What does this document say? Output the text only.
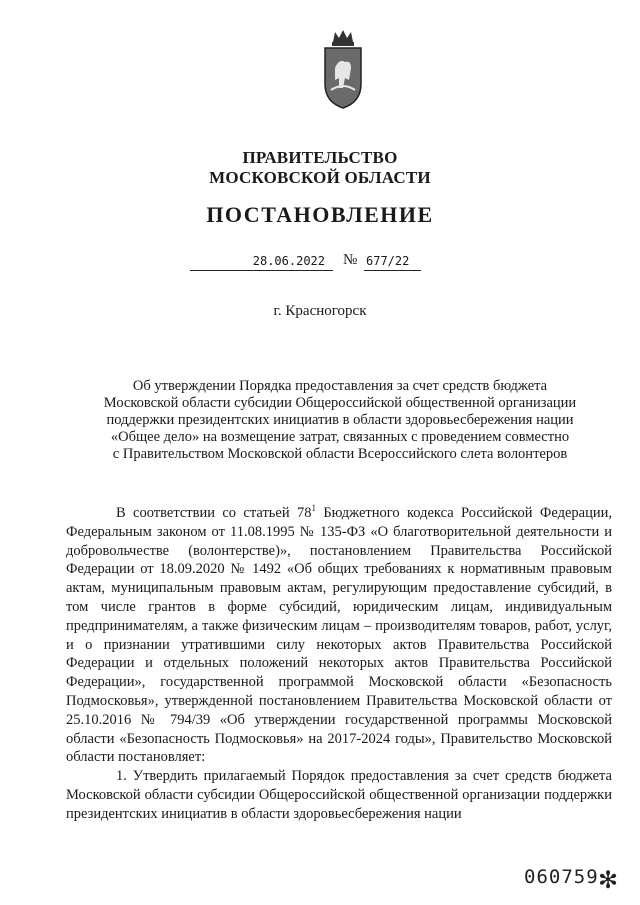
ПРАВИТЕЛЬСТВО
МОСКОВСКОЙ ОБЛАСТИ
ПОСТАНОВЛЕНИЕ
28.06.2022	№ 677/22
г. Красногорск
Об утверждении Порядка предоставления за счет средств бюджета
Московской области субсидии Общероссийской общественной организации
поддержки президентских инициатив в области здоровьесбережения нации
«Общее дело» на возмещение затрат, связанных с проведением совместно
с Правительством Московской области Всероссийского слета волонтеров

В соответствии со статьей $78^1$ Бюджетного кодекса Российской Федерации, Федеральным законом от 11.08.1995 № 135-ФЗ «О благотворительной деятельности и добровольчестве (волонтерстве)», постановлением Правительства Российской Федерации от 18.09.2020 № 1492 «Об общих требованиях к нормативным правовым актам, муниципальным правовым актам, регулирующим предоставление субсидий, в том числе грантов в форме субсидий, юридическим лицам, индивидуальным предпринимателям, а также физическим лицам – производителям товаров, работ, услуг, и о признании утратившими силу некоторых актов Правительства Российской Федерации и отдельных положений некоторых актов Правительства Российской Федерации», государственной программой Московской области «Безопасность Подмосковья», утвержденной постановлением Правительства Московской области от 25.10.2016 № 794/39 «Об утверждении государственной программы Московской области «Безопасность Подмосковья» на 2017-2024 годы», Правительство Московской области постановляет:

1. Утвердить прилагаемый Порядок предоставления за счет средств бюджета Московской области субсидии Общероссийской общественной организации поддержки президентских инициатив в области здоровьесбережения нации

060759 ✻
